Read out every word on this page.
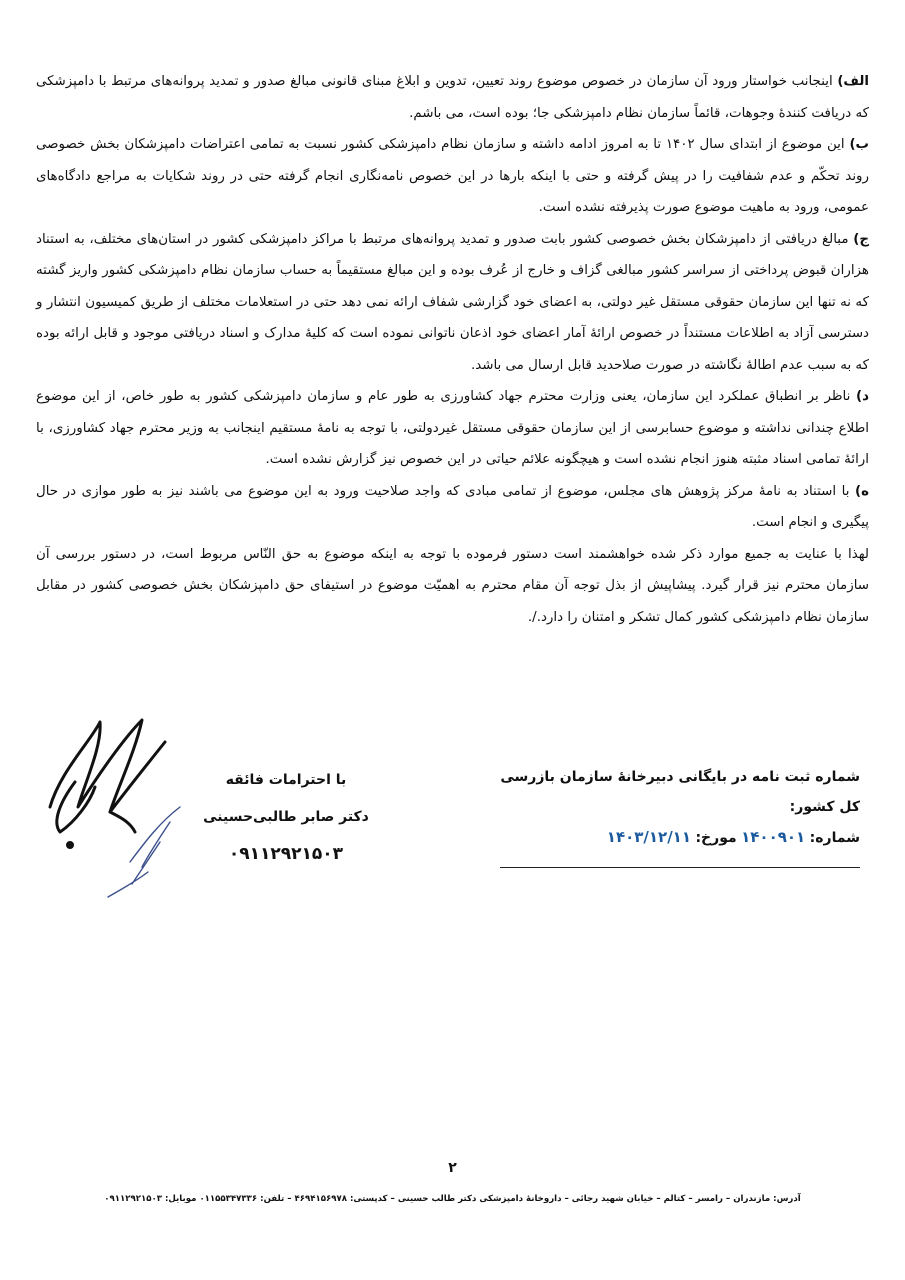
الف) اینجانب خواستار ورود آن سازمان در خصوص موضوع روند تعیین، تدوین و ابلاغ مبنای قانونی مبالغ صدور و تمدید پروانه‌های مرتبط با دامپزشکی که دریافت کنندهٔ وجوهات، قائماً سازمان نظام دامپزشکی جا؛ بوده است، می باشم.

ب) این موضوع از ابتدای سال ۱۴۰۲ تا به امروز ادامه داشته و سازمان نظام دامپزشکی کشور نسبت به تمامی اعتراضات دامپزشکان بخش خصوصی روند تحکّم و عدم شفافیت را در پیش گرفته و حتی با اینکه بارها در این خصوص نامه‌نگاری انجام گرفته حتی در روند شکایات به مراجع دادگاه‌های عمومی، ورود به ماهیت موضوع صورت پذیرفته نشده است.

ج) مبالغ دریافتی از دامپزشکان بخش خصوصی کشور بابت صدور و تمدید پروانه‌های مرتبط با مراکز دامپزشکی کشور در استان‌های مختلف، به استناد هزاران قبوض پرداختی از سراسر کشور مبالغی گزاف و خارج از عُرف بوده و این مبالغ مستقیماً به حساب سازمان نظام دامپزشکی کشور واریز گشته که نه تنها این سازمان حقوقی مستقل غیر دولتی، به اعضای خود گزارشی شفاف ارائه نمی دهد حتی در استعلامات مختلف از طریق کمیسیون انتشار و دسترسی آزاد به اطلاعات مستنداً در خصوص ارائهٔ آمار اعضای خود اذعان ناتوانی نموده است که کلیهٔ مدارک و اسناد دریافتی موجود و قابل ارائه بوده که به سبب عدم اطالهٔ نگاشته در صورت صلاحدید قابل ارسال می باشد.

د) ناظر بر انطباق عملکرد این سازمان، یعنی وزارت محترم جهاد کشاورزی به طور عام و سازمان دامپزشکی کشور به طور خاص، از این موضوع اطلاع چندانی نداشته و موضوع حسابرسی از این سازمان حقوقی مستقل غیردولتی، با توجه به نامهٔ مستقیم اینجانب به وزیر محترم جهاد کشاورزی، با ارائهٔ تمامی اسناد مثبته هنوز انجام نشده است و هیچگونه علائم حیاتی در این خصوص نیز گزارش نشده است.

ه) با استناد به نامهٔ مرکز پژوهش های مجلس، موضوع از تمامی مبادی که واجد صلاحیت ورود به این موضوع می باشند نیز به طور موازی در حال پیگیری و انجام است.

لهذا با عنایت به جمیع موارد ذکر شده خواهشمند است دستور فرموده با توجه به اینکه موضوع به حق النّاس مربوط است، در دستور بررسی آن سازمان محترم نیز قرار گیرد. پیشاپیش از بذل توجه آن مقام محترم به اهمیّت موضوع در استیفای حق دامپزشکان بخش خصوصی کشور در مقابل سازمان نظام دامپزشکی کشور کمال تشکر و امتنان را دارد./.

شماره ثبت نامه در بایگانی دبیرخانهٔ سازمان بازرسی کل کشور:
شماره: ۱۴۰۰۹۰۱ مورخ: ۱۴۰۳/۱۲/۱۱
با احترامات فائقه
دکتر صابر طالبی‌حسینی
۰۹۱۱۲۹۲۱۵۰۳
۲
آدرس: مازندران – رامسر – کتالم – خیابان شهید رجائی – داروخانهٔ دامپزشکی دکتر طالب حسینی – کدپستی: ۴۶۹۴۱۵۶۹۷۸ – تلفن: ۰۱۱۵۵۳۴۷۳۳۶ موبایل: ۰۹۱۱۲۹۲۱۵۰۳
